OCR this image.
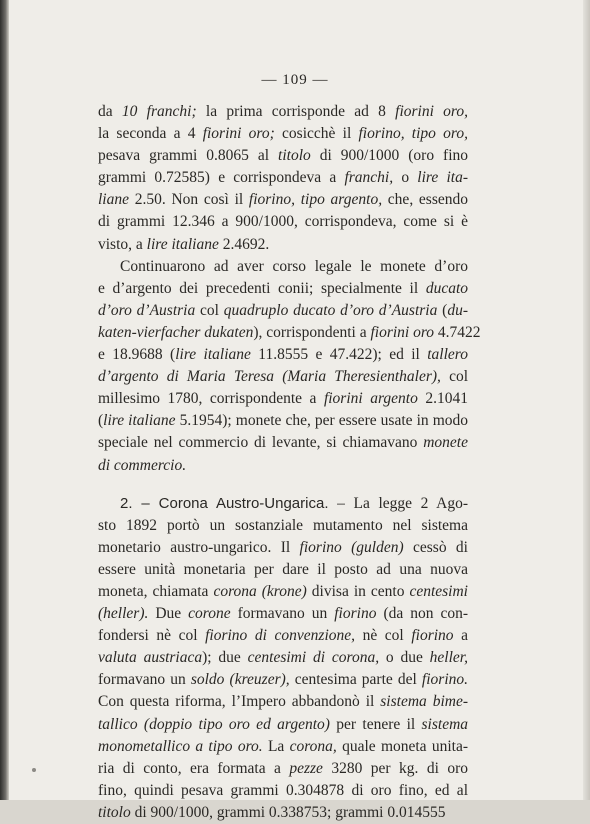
— 109 —
da 10 franchi; la prima corrisponde ad 8 fiorini oro,
la seconda a 4 fiorini oro; cosicchè il fiorino, tipo oro,
pesava grammi 0.8065 al titolo di 900/1000 (oro fino
grammi 0.72585) e corrispondeva a franchi, o lire ita-
liane 2.50. Non così il fiorino, tipo argento, che, essendo
di grammi 12.346 a 900/1000, corrispondeva, come si è
visto, a lire italiane 2.4692.
Continuarono ad aver corso legale le monete d’oro
e d’argento dei precedenti conii; specialmente il ducato
d’oro d’Austria col quadruplo ducato d’oro d’Austria (du-
katen-vierfacher dukaten), corrispondenti a fiorini oro 4.7422
e 18.9688 (lire italiane 11.8555 e 47.422); ed il tallero
d’argento di Maria Teresa (Maria Theresienthaler), col
millesimo 1780, corrispondente a fiorini argento 2.1041
(lire italiane 5.1954); monete che, per essere usate in modo
speciale nel commercio di levante, si chiamavano monete
di commercio.
2. – Corona Austro-Ungarica. – La legge 2 Ago-
sto 1892 portò un sostanziale mutamento nel sistema
monetario austro-ungarico. Il fiorino (gulden) cessò di
essere unità monetaria per dare il posto ad una nuova
moneta, chiamata corona (krone) divisa in cento centesimi
(heller). Due corone formavano un fiorino (da non con-
fondersi nè col fiorino di convenzione, nè col fiorino a
valuta austriaca); due centesimi di corona, o due heller,
formavano un soldo (kreuzer), centesima parte del fiorino.
Con questa riforma, l’Impero abbandonò il sistema bime-
tallico (doppio tipo oro ed argento) per tenere il sistema
monometallico a tipo oro. La corona, quale moneta unita-
ria di conto, era formata a pezze 3280 per kg. di oro
fino, quindi pesava grammi 0.304878 di oro fino, ed al
titolo di 900/1000, grammi 0.338753; grammi 0.014555
